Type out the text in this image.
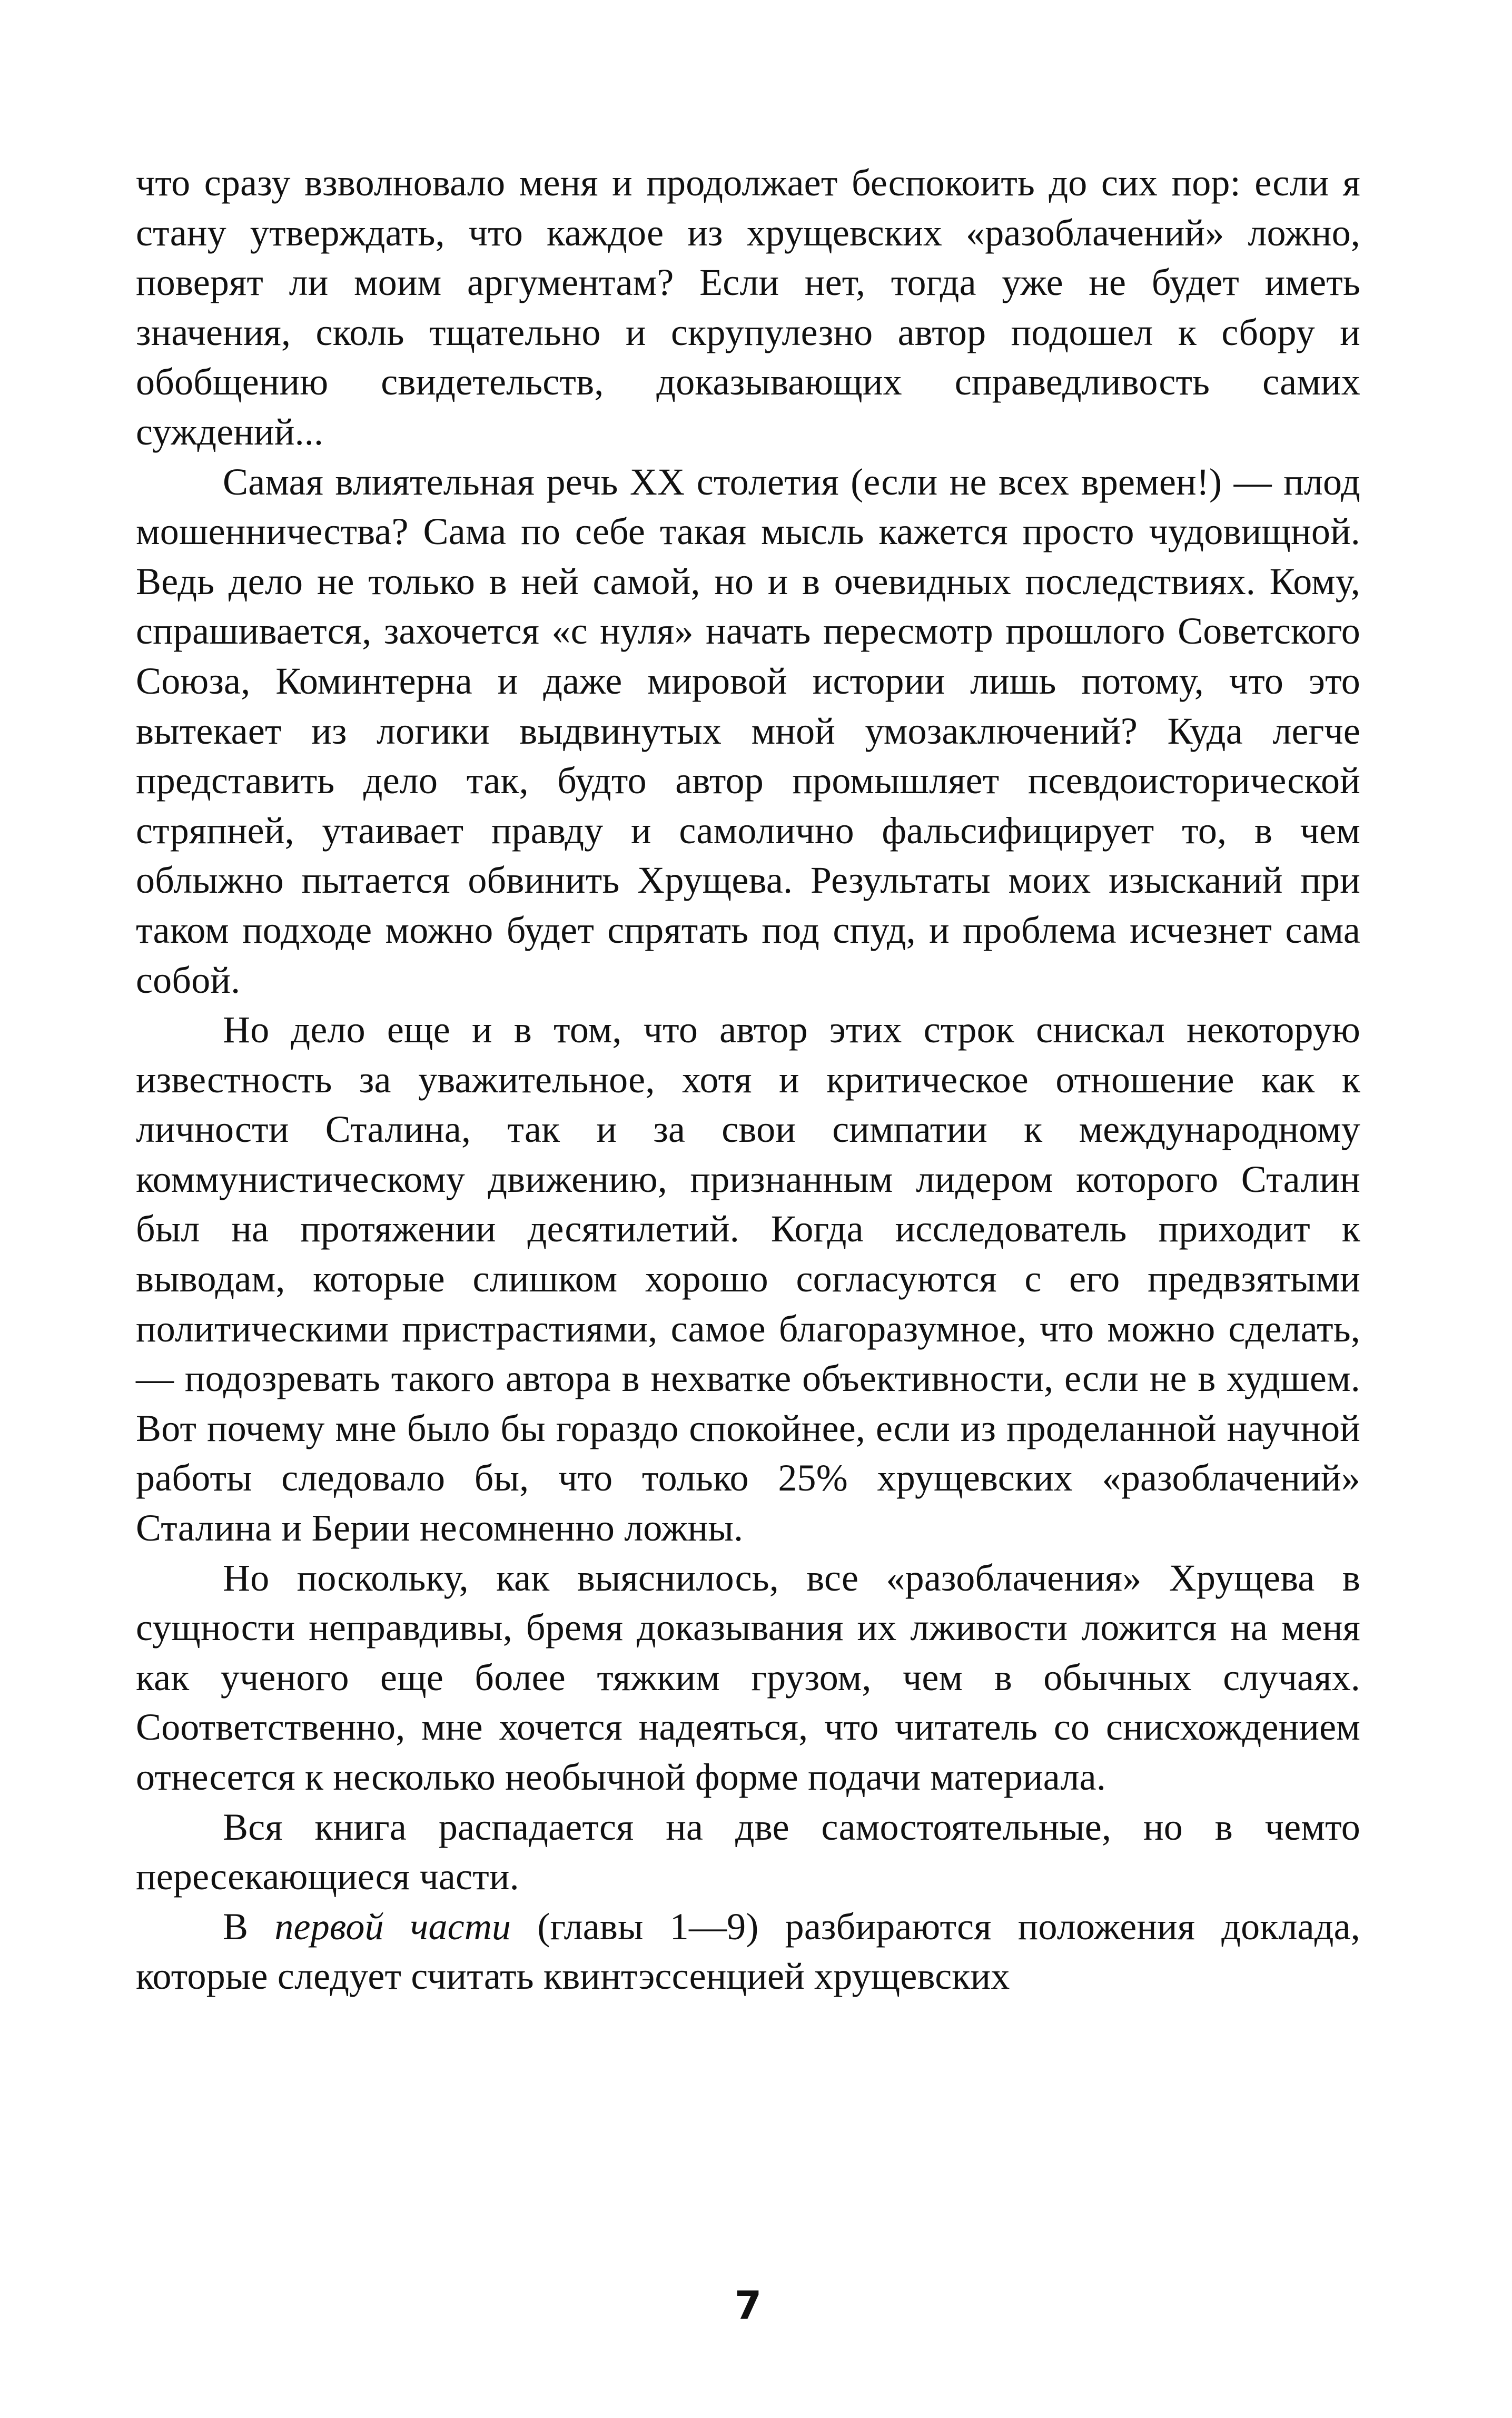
что сразу взволновало меня и продолжает беспокоить до сих пор: если я стану утверждать, что каждое из хрущевских «разоблачений» ложно, поверят ли моим аргументам? Если нет, тогда уже не будет иметь значения, сколь тщательно и скрупулезно автор подошел к сбору и обобщению свидетельств, доказывающих справедливость самих суждений...

Самая влиятельная речь XX столетия (если не всех времен!) — плод мошенничества? Сама по себе такая мысль кажется просто чудовищной. Ведь дело не только в ней самой, но и в очевидных последствиях. Кому, спрашивается, захочется «с нуля» начать пересмотр прошлого Советского Союза, Коминтерна и даже мировой истории лишь потому, что это вытекает из логики выдвинутых мной умозаключений? Куда легче представить дело так, будто автор промышляет псевдоисторической стряпней, утаивает правду и самолично фальсифицирует то, в чем облыжно пытается обвинить Хрущева. Результаты моих изысканий при таком подходе можно будет спрятать под спуд, и проблема исчезнет сама собой.

Но дело еще и в том, что автор этих строк снискал некоторую известность за уважительное, хотя и критическое отношение как к личности Сталина, так и за свои симпатии к международному коммунистическому движению, признанным лидером которого Сталин был на протяжении десятилетий. Когда исследователь приходит к выводам, которые слишком хорошо согласуются с его предвзятыми политическими пристрастиями, самое благоразумное, что можно сделать, — подозревать такого автора в нехватке объективности, если не в худшем. Вот почему мне было бы гораздо спокойнее, если из проделанной научной работы следовало бы, что только 25% хрущевских «разоблачений» Сталина и Берии несомненно ложны.

Но поскольку, как выяснилось, все «разоблачения» Хрущева в сущности неправдивы, бремя доказывания их лживости ложится на меня как ученого еще более тяжким грузом, чем в обычных случаях. Соответственно, мне хочется надеяться, что читатель со снисхождением отнесется к несколько необычной форме подачи материала.

Вся книга распадается на две самостоятельные, но в чемто пересекающиеся части.

В первой части (главы 1—9) разбираются положения доклада, которые следует считать квинтэссенцией хрущевских

7
